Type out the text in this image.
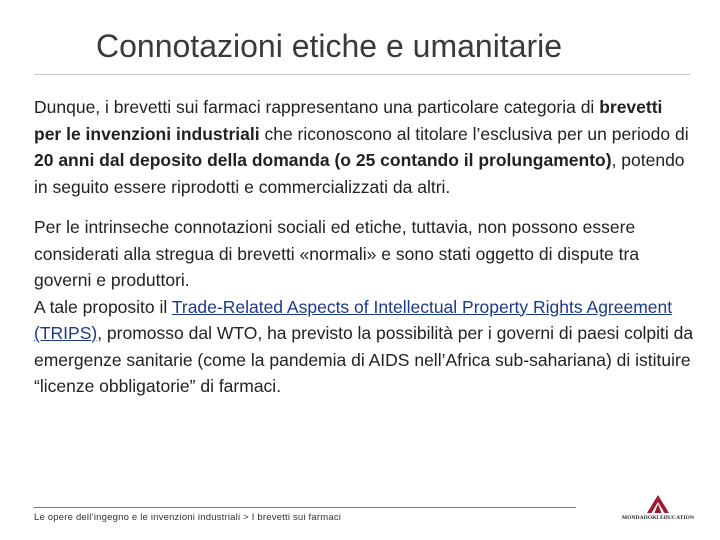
Connotazioni etiche e umanitarie

Dunque, i brevetti sui farmaci rappresentano una particolare categoria di brevetti per le invenzioni industriali che riconoscono al titolare l’esclusiva per un periodo di 20 anni dal deposito della domanda (o 25 contando il prolungamento), potendo in seguito essere riprodotti e commercializzati da altri.

Per le intrinseche connotazioni sociali ed etiche, tuttavia, non possono essere considerati alla stregua di brevetti «normali» e sono stati oggetto di dispute tra governi e produttori.

A tale proposito il Trade-Related Aspects of Intellectual Property Rights Agreement (TRIPS), promosso dal WTO, ha previsto la possibilità per i governi di paesi colpiti da emergenze sanitarie (come la pandemia di AIDS nell’Africa sub-sahariana) di istituire “licenze obbligatorie” di farmaci.

Le opere dell’ingegno e le invenzioni industriali > I brevetti sui farmaci	MONDADORI EDUCATION
